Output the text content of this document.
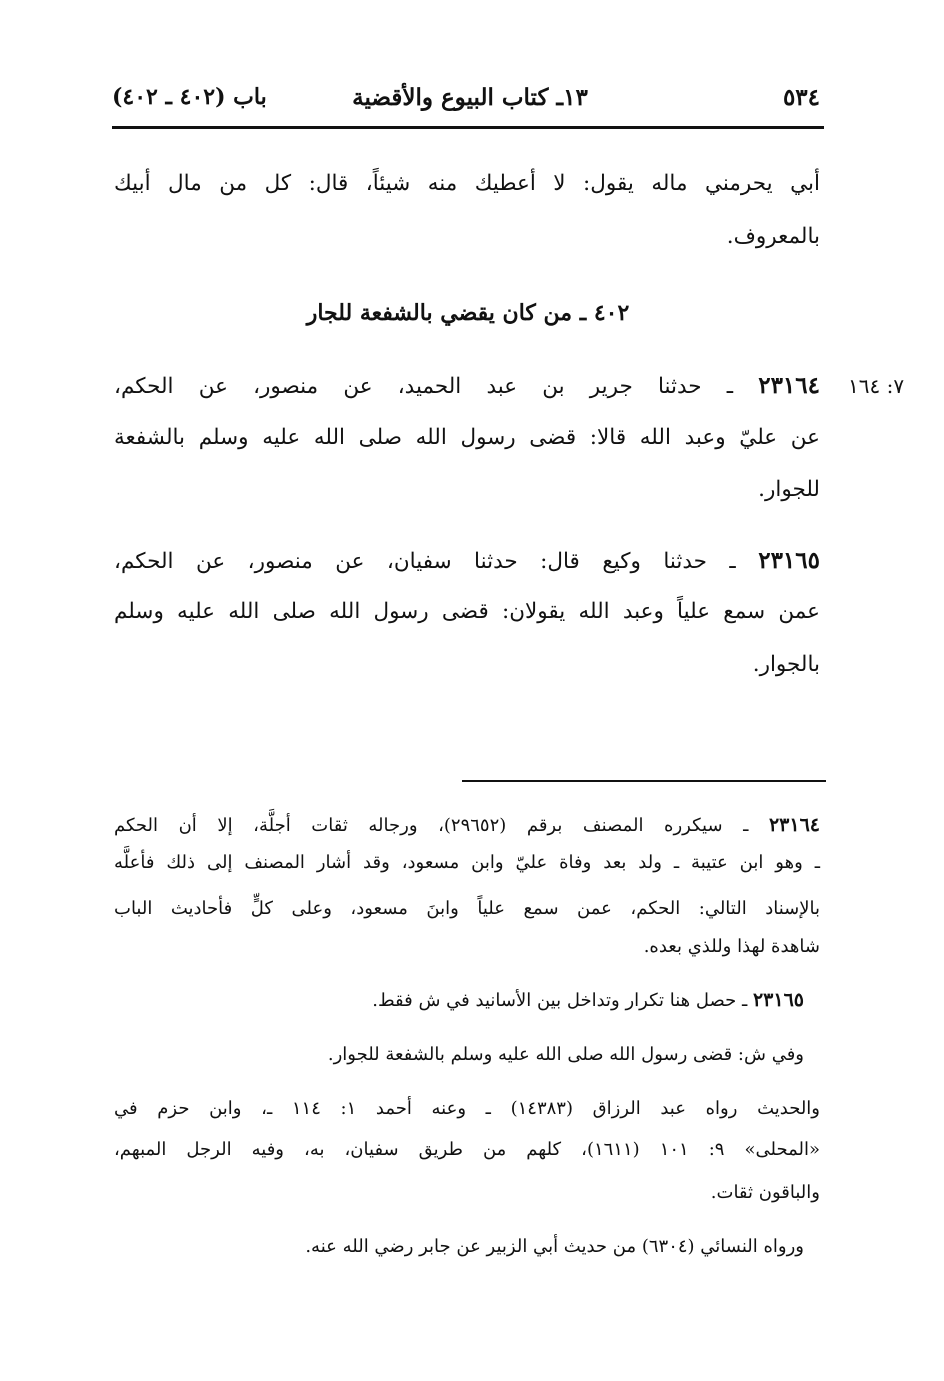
٥٣٤
١٣ـ كتاب البيوع والأقضية
باب (٤٠٢ ـ ٤٠٢)
أبي يحرمني ماله يقول: لا أعطيك منه شيئاً، قال: كل من مال أبيك
بالمعروف.
٤٠٢ ـ من كان يقضي بالشفعة للجار
٧: ١٦٤
٢٣١٦٤ ـ حدثنا جرير بن عبد الحميد، عن منصور، عن الحكم،
عن عليّ وعبد الله قالا: قضى رسول الله صلى الله عليه وسلم بالشفعة
للجوار.
٢٣١٦٥ ـ حدثنا وكيع قال: حدثنا سفيان، عن منصور، عن الحكم،
عمن سمع علياً وعبد الله يقولان: قضى رسول الله صلى الله عليه وسلم
بالجوار.
٢٣١٦٤ ـ سيكرره المصنف برقم (٢٩٦٥٢)، ورجاله ثقات أجلَّة، إلا أن الحكم
ـ وهو ابن عتيبة ـ ولد بعد وفاة عليّ وابن مسعود، وقد أشار المصنف إلى ذلك فأعلَّه
بالإسناد التالي: الحكم، عمن سمع علياً وابنَ مسعود، وعلى كلٍّ فأحاديث الباب
شاهدة لهذا وللذي بعده.
٢٣١٦٥ ـ حصل هنا تكرار وتداخل بين الأسانيد في ش فقط.
وفي ش: قضى رسول الله صلى الله عليه وسلم بالشفعة للجوار.
والحديث رواه عبد الرزاق (١٤٣٨٣) ـ وعنه أحمد ١: ١١٤ ـ، وابن حزم في
«المحلى» ٩: ١٠١ (١٦١١)، كلهم من طريق سفيان، به، وفيه الرجل المبهم،
والباقون ثقات.
ورواه النسائي (٦٣٠٤) من حديث أبي الزبير عن جابر رضي الله عنه.
